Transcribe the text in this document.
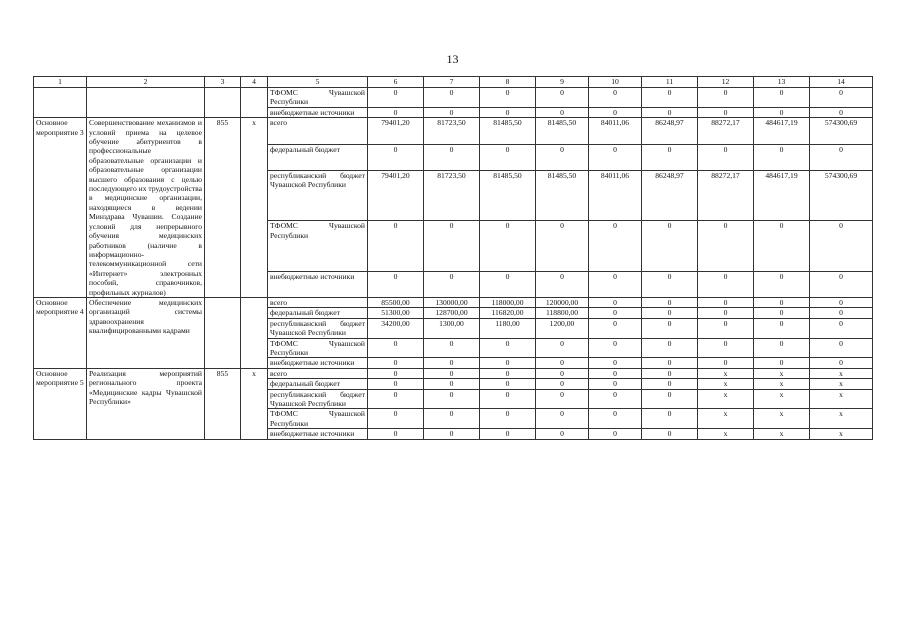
13
1	2	3	4	5	6	7	8	9	10	11	12	13	14
				ТФОМС Чувашской Республики	0	0	0	0	0	0	0	0	0
				внебюджетные источники	0	0	0	0	0	0	0	0	0
Основное мероприятие 3	Совершенствование механизмов и условий приема на целевое обучение абитуриентов в профессиональные образовательные организации и образовательные организации высшего образования с целью последующего их трудоустройства в медицинские организации, находящиеся в ведении Минздрава Чувашии. Создание условий для непрерывного обучения медицинских работников (наличие в информационно-телекоммуникационной сети «Интернет» электронных пособий, справочников, профильных журналов)	855	x	всего	79401,20	81723,50	81485,50	81485,50	84011,06	86248,97	88272,17	484617,19	574300,69
				федеральный бюджет	0	0	0	0	0	0	0	0	0
				республиканский бюджет Чувашской Республики	79401,20	81723,50	81485,50	81485,50	84011,06	86248,97	88272,17	484617,19	574300,69
				ТФОМС Чувашской Республики	0	0	0	0	0	0	0	0	0
				внебюджетные источники	0	0	0	0	0	0	0	0	0
Основное мероприятие 4	Обеспечение медицинских организаций системы здравоохранения квалифицированными кадрами			всего	85500,00	130000,00	118000,00	120000,00	0	0	0	0	0
				федеральный бюджет	51300,00	128700,00	116820,00	118800,00	0	0	0	0	0
				республиканский бюджет Чувашской Республики	34200,00	1300,00	1180,00	1200,00	0	0	0	0	0
				ТФОМС Чувашской Республики	0	0	0	0	0	0	0	0	0
				внебюджетные источники	0	0	0	0	0	0	0	0	0
Основное мероприятие 5	Реализация мероприятий регионального проекта «Медицинские кадры Чувашской Республики»	855	x	всего	0	0	0	0	0	0	x	x	x
				федеральный бюджет	0	0	0	0	0	0	x	x	x
				республиканский бюджет Чувашской Республики	0	0	0	0	0	0	x	x	x
				ТФОМС Чувашской Республики	0	0	0	0	0	0	x	x	x
				внебюджетные источники	0	0	0	0	0	0	x	x	x
